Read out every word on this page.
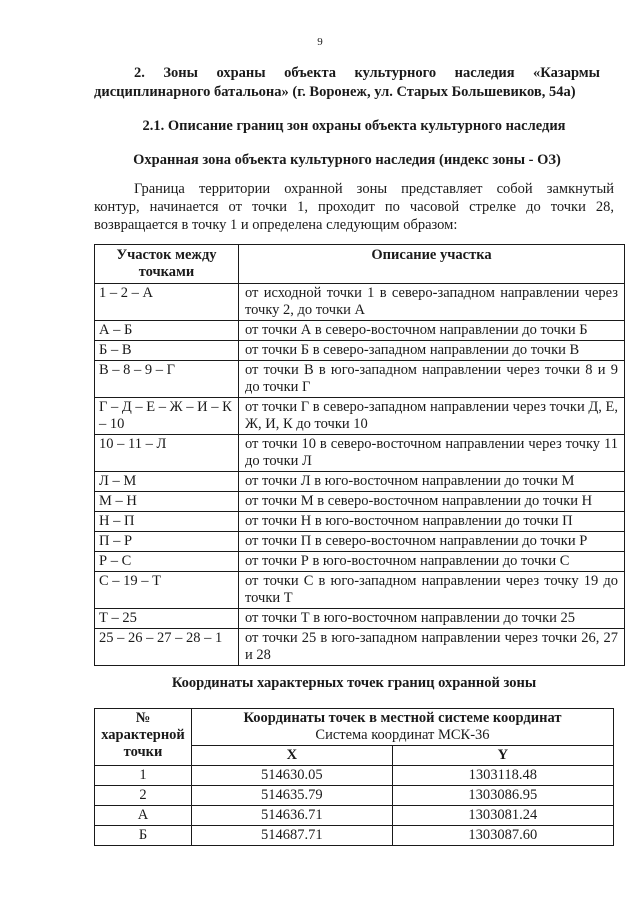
9
2. Зоны охраны объекта культурного наследия «Казармы
дисциплинарного батальона» (г. Воронеж, ул. Старых Большевиков, 54а)
2.1. Описание границ зон охраны объекта культурного наследия
Охранная зона объекта культурного наследия (индекс зоны - ОЗ)
Граница территории охранной зоны представляет собой замкнутый
контур, начинается от точки 1, проходит по часовой стрелке до точки 28,
возвращается в точку 1 и определена следующим образом:
Участок между точками	Описание участка
1 – 2 – А	от исходной точки 1 в северо-западном направлении через точку 2, до точки А
А – Б	от точки А в северо-восточном направлении до точки Б
Б – В	от точки Б в северо-западном направлении до точки В
В – 8 – 9 – Г	от точки В в юго-западном направлении через точки 8 и 9 до точки Г
Г – Д – Е – Ж – И – К – 10	от точки Г в северо-западном направлении через точки Д, Е, Ж, И, К до точки 10
10 – 11 – Л	от точки 10 в северо-восточном направлении через точку 11 до точки Л
Л – М	от точки Л в юго-восточном направлении до точки М
М – Н	от точки М в северо-восточном направлении до точки Н
Н – П	от точки Н в юго-восточном направлении до точки П
П – Р	от точки П в северо-восточном направлении до точки Р
Р – С	от точки Р в юго-восточном направлении до точки С
С – 19 – Т	от точки С в юго-западном направлении через точку 19 до точки Т
Т – 25	от точки Т в юго-восточном направлении до точки 25
25 – 26 – 27 – 28 – 1	от точки 25 в юго-западном направлении через точки 26, 27 и 28
Координаты характерных точек границ охранной зоны
№ характерной точки	Координаты точек в местной системе координат
Система координат МСК-36	

	X	Y
1	514630.05	1303118.48
2	514635.79	1303086.95
А	514636.71	1303081.24
Б	514687.71	1303087.60
